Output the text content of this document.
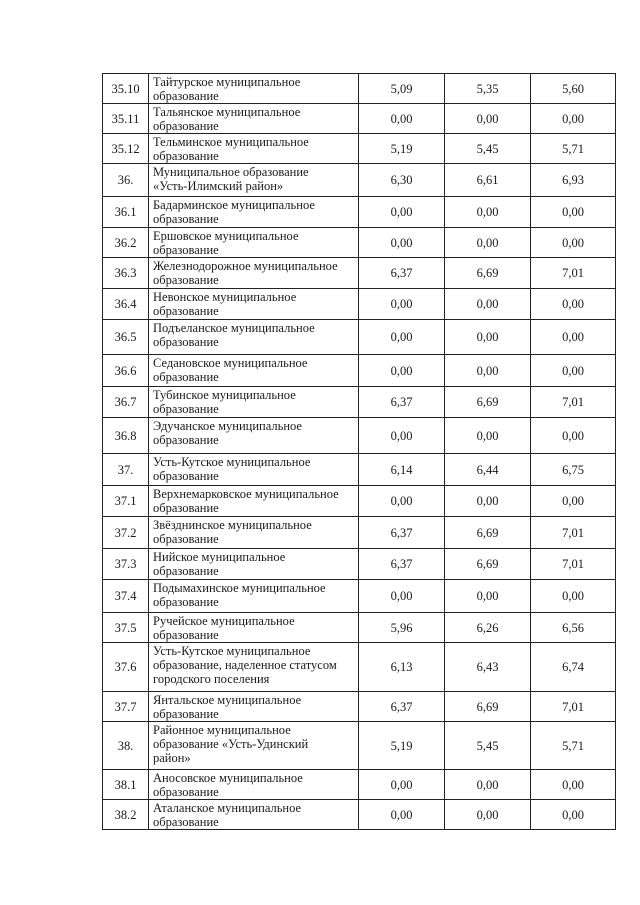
35.10	Тайтурское муниципальное
образование	5,09	5,35	5,60
35.11	Тальянское муниципальное
образование	0,00	0,00	0,00
35.12	Тельминское муниципальное
образование	5,19	5,45	5,71
36.	Муниципальное образование
«Усть-Илимский район»	6,30	6,61	6,93
36.1	Бадарминское муниципальное
образование	0,00	0,00	0,00
36.2	Ершовское муниципальное
образование	0,00	0,00	0,00
36.3	Железнодорожное муниципальное
образование	6,37	6,69	7,01
36.4	Невонское муниципальное
образование	0,00	0,00	0,00
36.5	Подъеланское муниципальное
образование	0,00	0,00	0,00
36.6	Седановское муниципальное
образование	0,00	0,00	0,00
36.7	Тубинское муниципальное
образование	6,37	6,69	7,01
36.8	Эдучанское муниципальное
образование	0,00	0,00	0,00
37.	Усть-Кутское муниципальное
образование	6,14	6,44	6,75
37.1	Верхнемарковское муниципальное
образование	0,00	0,00	0,00
37.2	Звёзднинское муниципальное
образование	6,37	6,69	7,01
37.3	Нийское муниципальное
образование	6,37	6,69	7,01
37.4	Подымахинское муниципальное
образование	0,00	0,00	0,00
37.5	Ручейское муниципальное
образование	5,96	6,26	6,56
37.6	Усть-Кутское муниципальное
образование, наделенное статусом
городского поселения	6,13	6,43	6,74
37.7	Янтальское муниципальное
образование	6,37	6,69	7,01
38.	Районное муниципальное
образование «Усть-Удинский
район»	5,19	5,45	5,71
38.1	Аносовское муниципальное
образование	0,00	0,00	0,00
38.2	Аталанское муниципальное
образование	0,00	0,00	0,00
